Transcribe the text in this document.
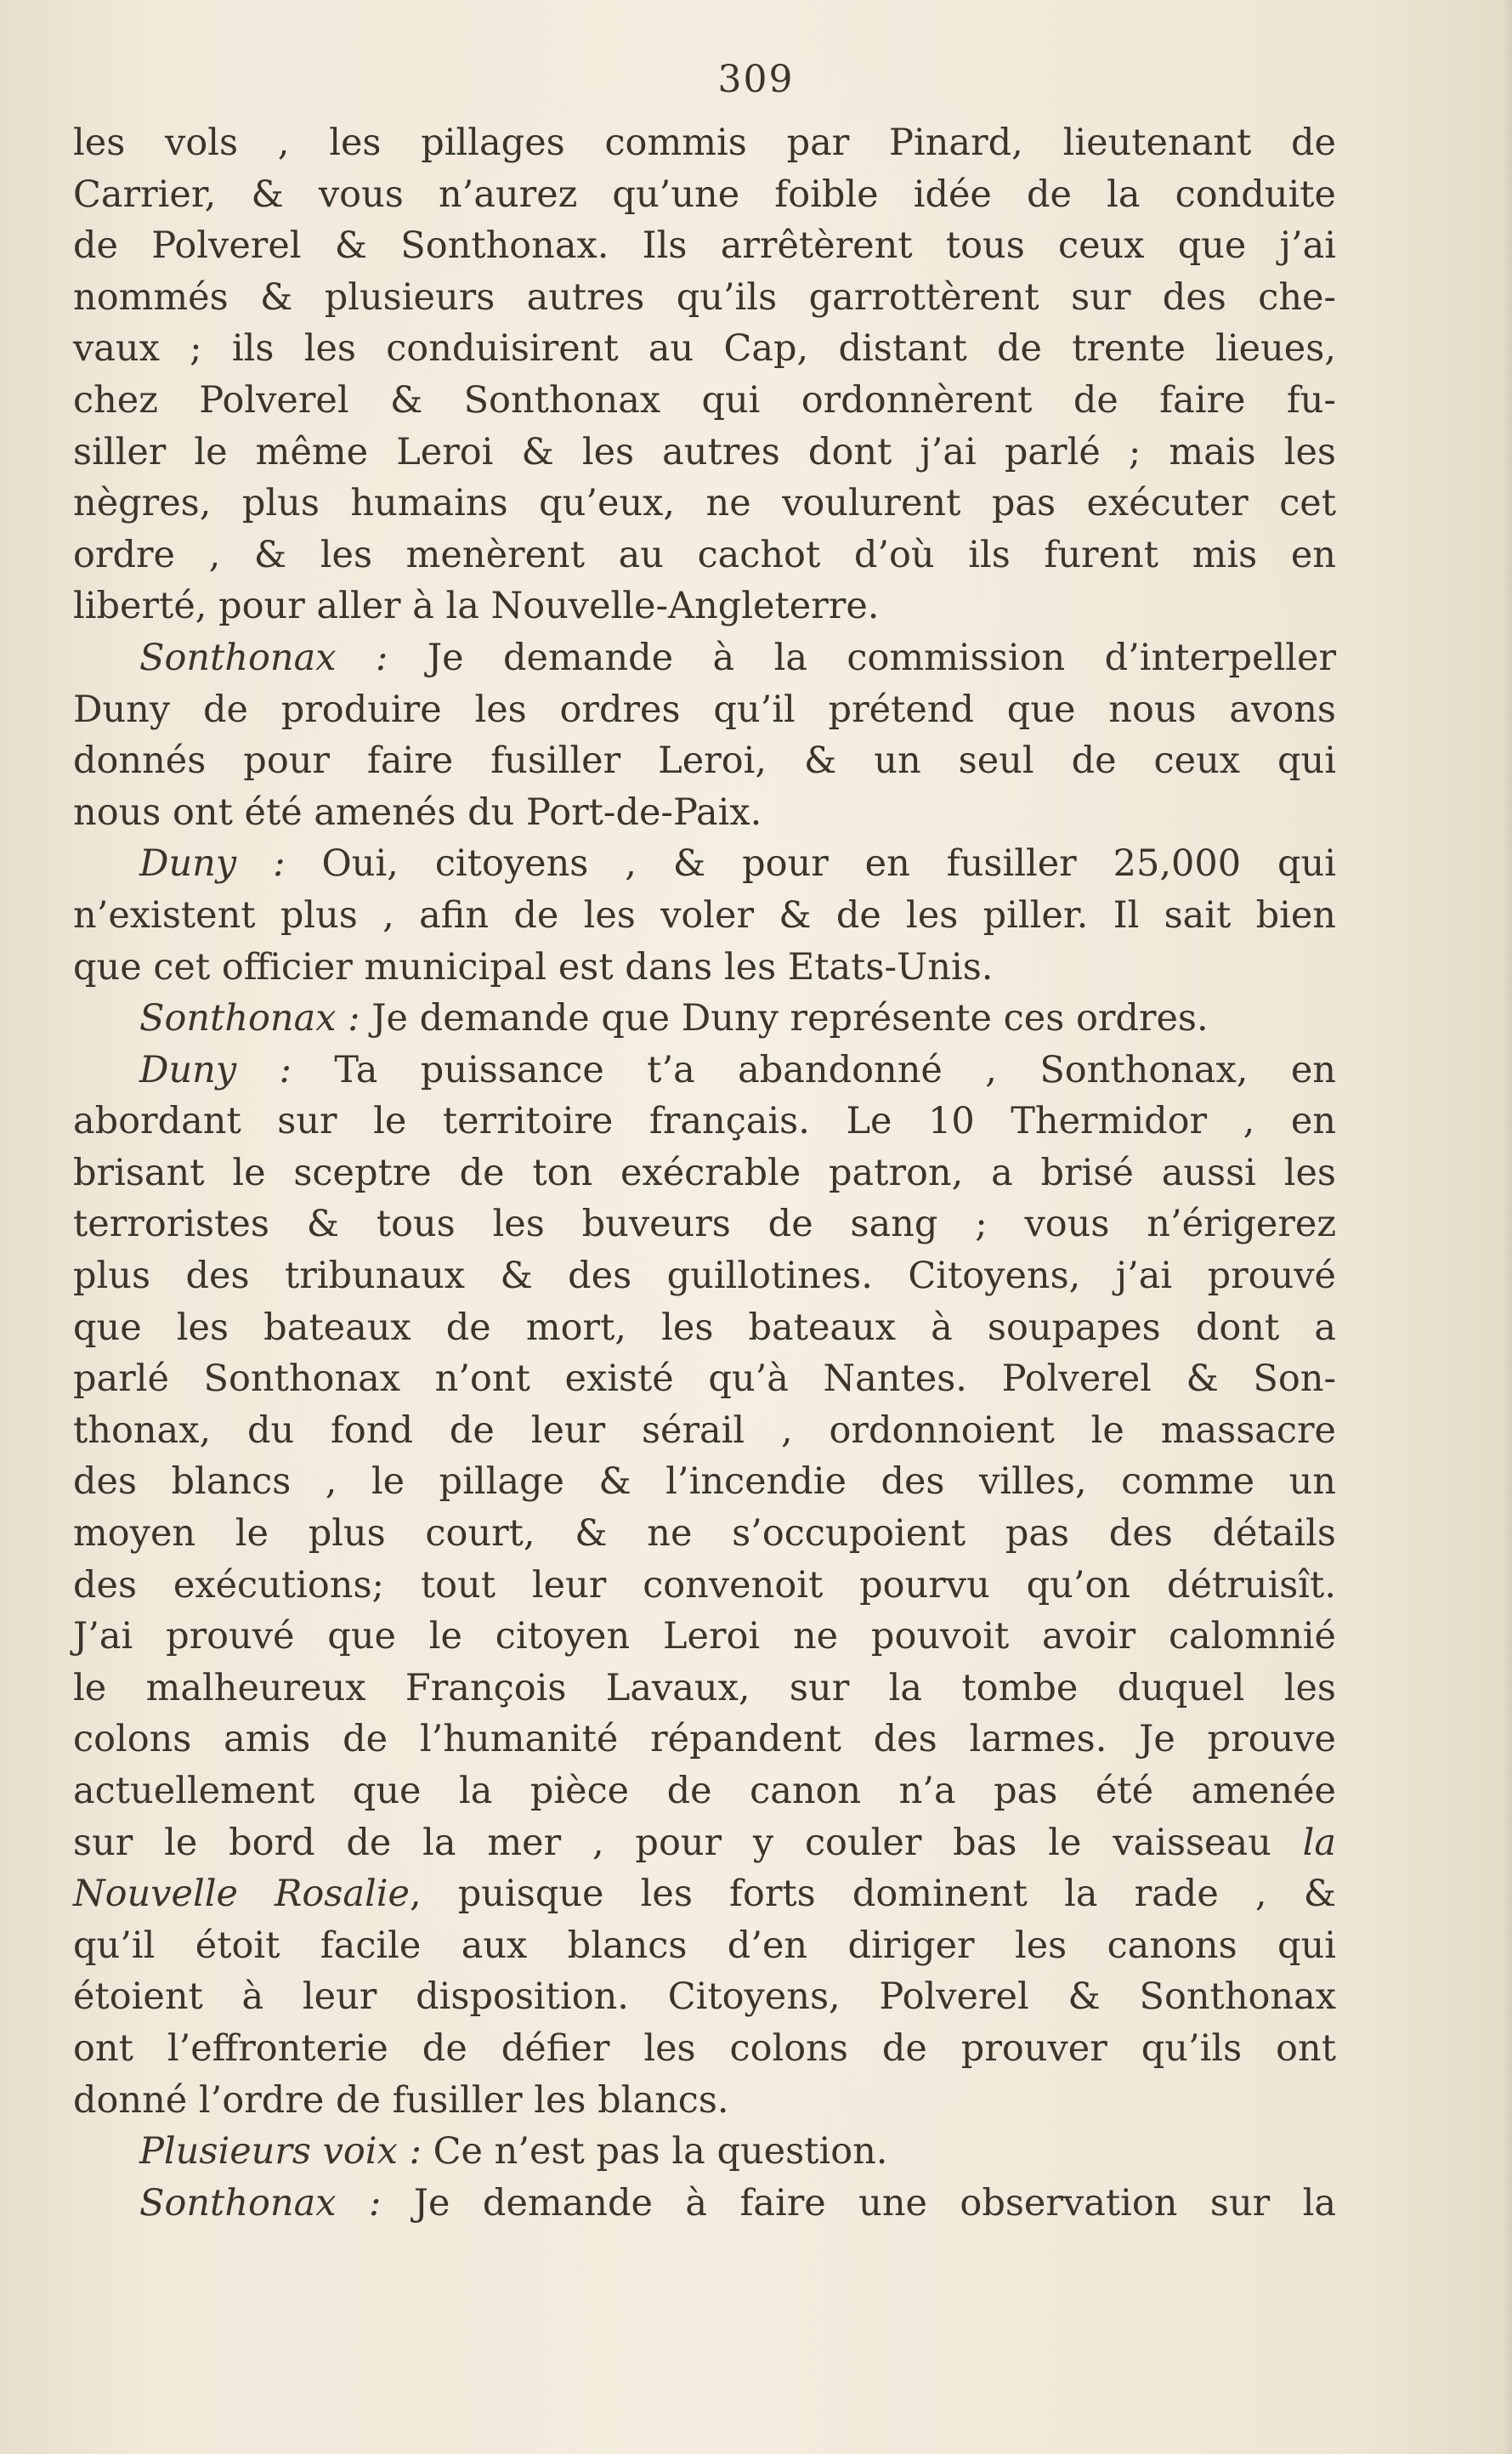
309
les vols , les pillages commis par Pinard, lieutenant de
Carrier, & vous n’aurez qu’une foible idée de la conduite
de Polverel & Sonthonax. Ils arrêtèrent tous ceux que j’ai
nommés & plusieurs autres qu’ils garrottèrent sur des che-
vaux ; ils les conduisirent au Cap, distant de trente lieues,
chez Polverel & Sonthonax qui ordonnèrent de faire fu-
siller le même Leroi & les autres dont j’ai parlé ; mais les
nègres, plus humains qu’eux, ne voulurent pas exécuter cet
ordre , & les menèrent au cachot d’où ils furent mis en
liberté, pour aller à la Nouvelle-Angleterre.
Sonthonax : Je demande à la commission d’interpeller
Duny de produire les ordres qu’il prétend que nous avons
donnés pour faire fusiller Leroi, & un seul de ceux qui
nous ont été amenés du Port-de-Paix.
Duny : Oui, citoyens , & pour en fusiller 25,000 qui
n’existent plus , afin de les voler & de les piller. Il sait bien
que cet officier municipal est dans les Etats-Unis.
Sonthonax : Je demande que Duny représente ces ordres.
Duny : Ta puissance t’a abandonné , Sonthonax, en
abordant sur le territoire français. Le 10 Thermidor , en
brisant le sceptre de ton exécrable patron, a brisé aussi les
terroristes & tous les buveurs de sang ; vous n’érigerez
plus des tribunaux & des guillotines. Citoyens, j’ai prouvé
que les bateaux de mort, les bateaux à soupapes dont a
parlé Sonthonax n’ont existé qu’à Nantes. Polverel & Son-
thonax, du fond de leur sérail , ordonnoient le massacre
des blancs , le pillage & l’incendie des villes, comme un
moyen le plus court, & ne s’occupoient pas des détails
des exécutions; tout leur convenoit pourvu qu’on détruisît.
J’ai prouvé que le citoyen Leroi ne pouvoit avoir calomnié
le malheureux François Lavaux, sur la tombe duquel les
colons amis de l’humanité répandent des larmes. Je prouve
actuellement que la pièce de canon n’a pas été amenée
sur le bord de la mer , pour y couler bas le vaisseau la
Nouvelle Rosalie, puisque les forts dominent la rade , &
qu’il étoit facile aux blancs d’en diriger les canons qui
étoient à leur disposition. Citoyens, Polverel & Sonthonax
ont l’effronterie de défier les colons de prouver qu’ils ont
donné l’ordre de fusiller les blancs.
Plusieurs voix : Ce n’est pas la question.
Sonthonax : Je demande à faire une observation sur la
